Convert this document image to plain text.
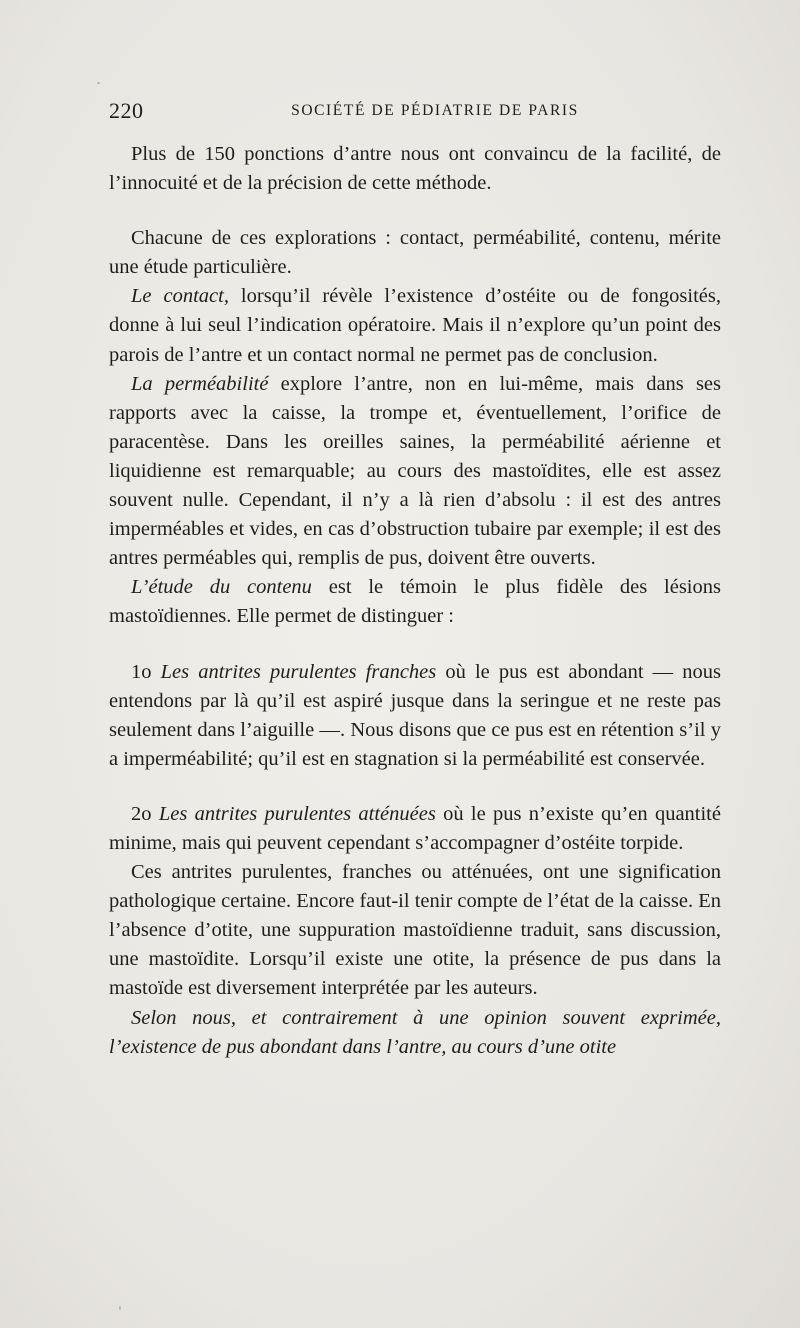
220	SOCIÉTÉ DE PÉDIATRIE DE PARIS

Plus de 150 ponctions d’antre nous ont convaincu de la facilité, de l’innocuité et de la précision de cette méthode.

Chacune de ces explorations : contact, perméabilité, contenu, mérite une étude particulière.

Le contact, lorsqu’il révèle l’existence d’ostéite ou de fongosités, donne à lui seul l’indication opératoire. Mais il n’explore qu’un point des parois de l’antre et un contact normal ne permet pas de conclusion.

La perméabilité explore l’antre, non en lui-même, mais dans ses rapports avec la caisse, la trompe et, éventuellement, l’orifice de paracentèse. Dans les oreilles saines, la perméabilité aérienne et liquidienne est remarquable; au cours des mastoïdites, elle est assez souvent nulle. Cependant, il n’y a là rien d’absolu : il est des antres imperméables et vides, en cas d’obstruction tubaire par exemple; il est des antres perméables qui, remplis de pus, doivent être ouverts.

L’étude du contenu est le témoin le plus fidèle des lésions mastoïdiennes. Elle permet de distinguer :

1o Les antrites purulentes franches où le pus est abondant — nous entendons par là qu’il est aspiré jusque dans la seringue et ne reste pas seulement dans l’aiguille —. Nous disons que ce pus est en rétention s’il y a imperméabilité; qu’il est en stagnation si la perméabilité est conservée.

2o Les antrites purulentes atténuées où le pus n’existe qu’en quantité minime, mais qui peuvent cependant s’accompagner d’ostéite torpide.

Ces antrites purulentes, franches ou atténuées, ont une signification pathologique certaine. Encore faut-il tenir compte de l’état de la caisse. En l’absence d’otite, une suppuration mastoïdienne traduit, sans discussion, une mastoïdite. Lorsqu’il existe une otite, la présence de pus dans la mastoïde est diversement interprétée par les auteurs.

Selon nous, et contrairement à une opinion souvent exprimée, l’existence de pus abondant dans l’antre, au cours d’une otite
